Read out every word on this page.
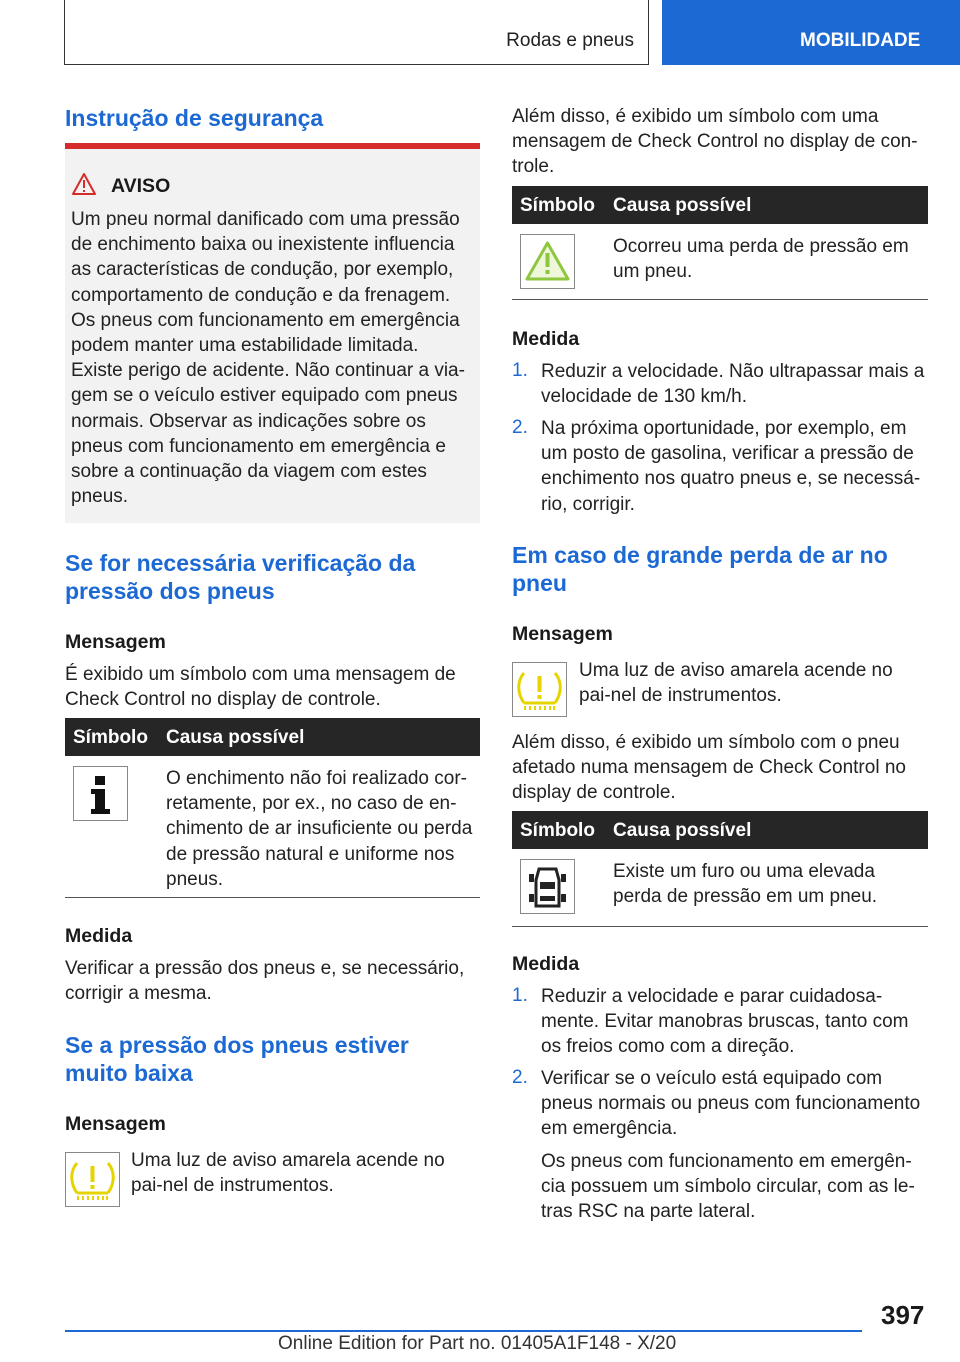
Rodas e pneus	MOBILIDADE
Instrução de segurança
AVISO
Um pneu normal danificado com uma pressão de enchimento baixa ou inexistente influencia as características de condução, por exemplo, comportamento de condução e da frenagem. Os pneus com funcionamento em emergência podem manter uma estabilidade limitada. Existe perigo de acidente. Não continuar a via-gem se o veículo estiver equipado com pneus normais. Observar as indicações sobre os pneus com funcionamento em emergência e sobre a continuação da viagem com estes pneus.
Se for necessária verificação da pressão dos pneus
Mensagem
É exibido um símbolo com uma mensagem de Check Control no display de controle.
Símbolo Causa possível
O enchimento não foi realizado cor-retamente, por ex., no caso de en-chimento de ar insuficiente ou perda de pressão natural e uniforme nos pneus.
Medida
Verificar a pressão dos pneus e, se necessário, corrigir a mesma.
Se a pressão dos pneus estiver muito baixa
Mensagem
Uma luz de aviso amarela acende no pai-nel de instrumentos.
Além disso, é exibido um símbolo com uma mensagem de Check Control no display de con-trole.
Símbolo Causa possível
Ocorreu uma perda de pressão em um pneu.
Medida
1. Reduzir a velocidade. Não ultrapassar mais a velocidade de 130 km/h.
2. Na próxima oportunidade, por exemplo, em um posto de gasolina, verificar a pressão de enchimento nos quatro pneus e, se necessá-rio, corrigir.
Em caso de grande perda de ar no pneu
Mensagem
Uma luz de aviso amarela acende no pai-nel de instrumentos.
Além disso, é exibido um símbolo com o pneu afetado numa mensagem de Check Control no display de controle.
Símbolo Causa possível
Existe um furo ou uma elevada perda de pressão em um pneu.
Medida
1. Reduzir a velocidade e parar cuidadosa-mente. Evitar manobras bruscas, tanto com os freios como com a direção.
2. Verificar se o veículo está equipado com pneus normais ou pneus com funcionamento em emergência.
Os pneus com funcionamento em emergên-cia possuem um símbolo circular, com as le-tras RSC na parte lateral.
397
Online Edition for Part no. 01405A1F148 - X/20
